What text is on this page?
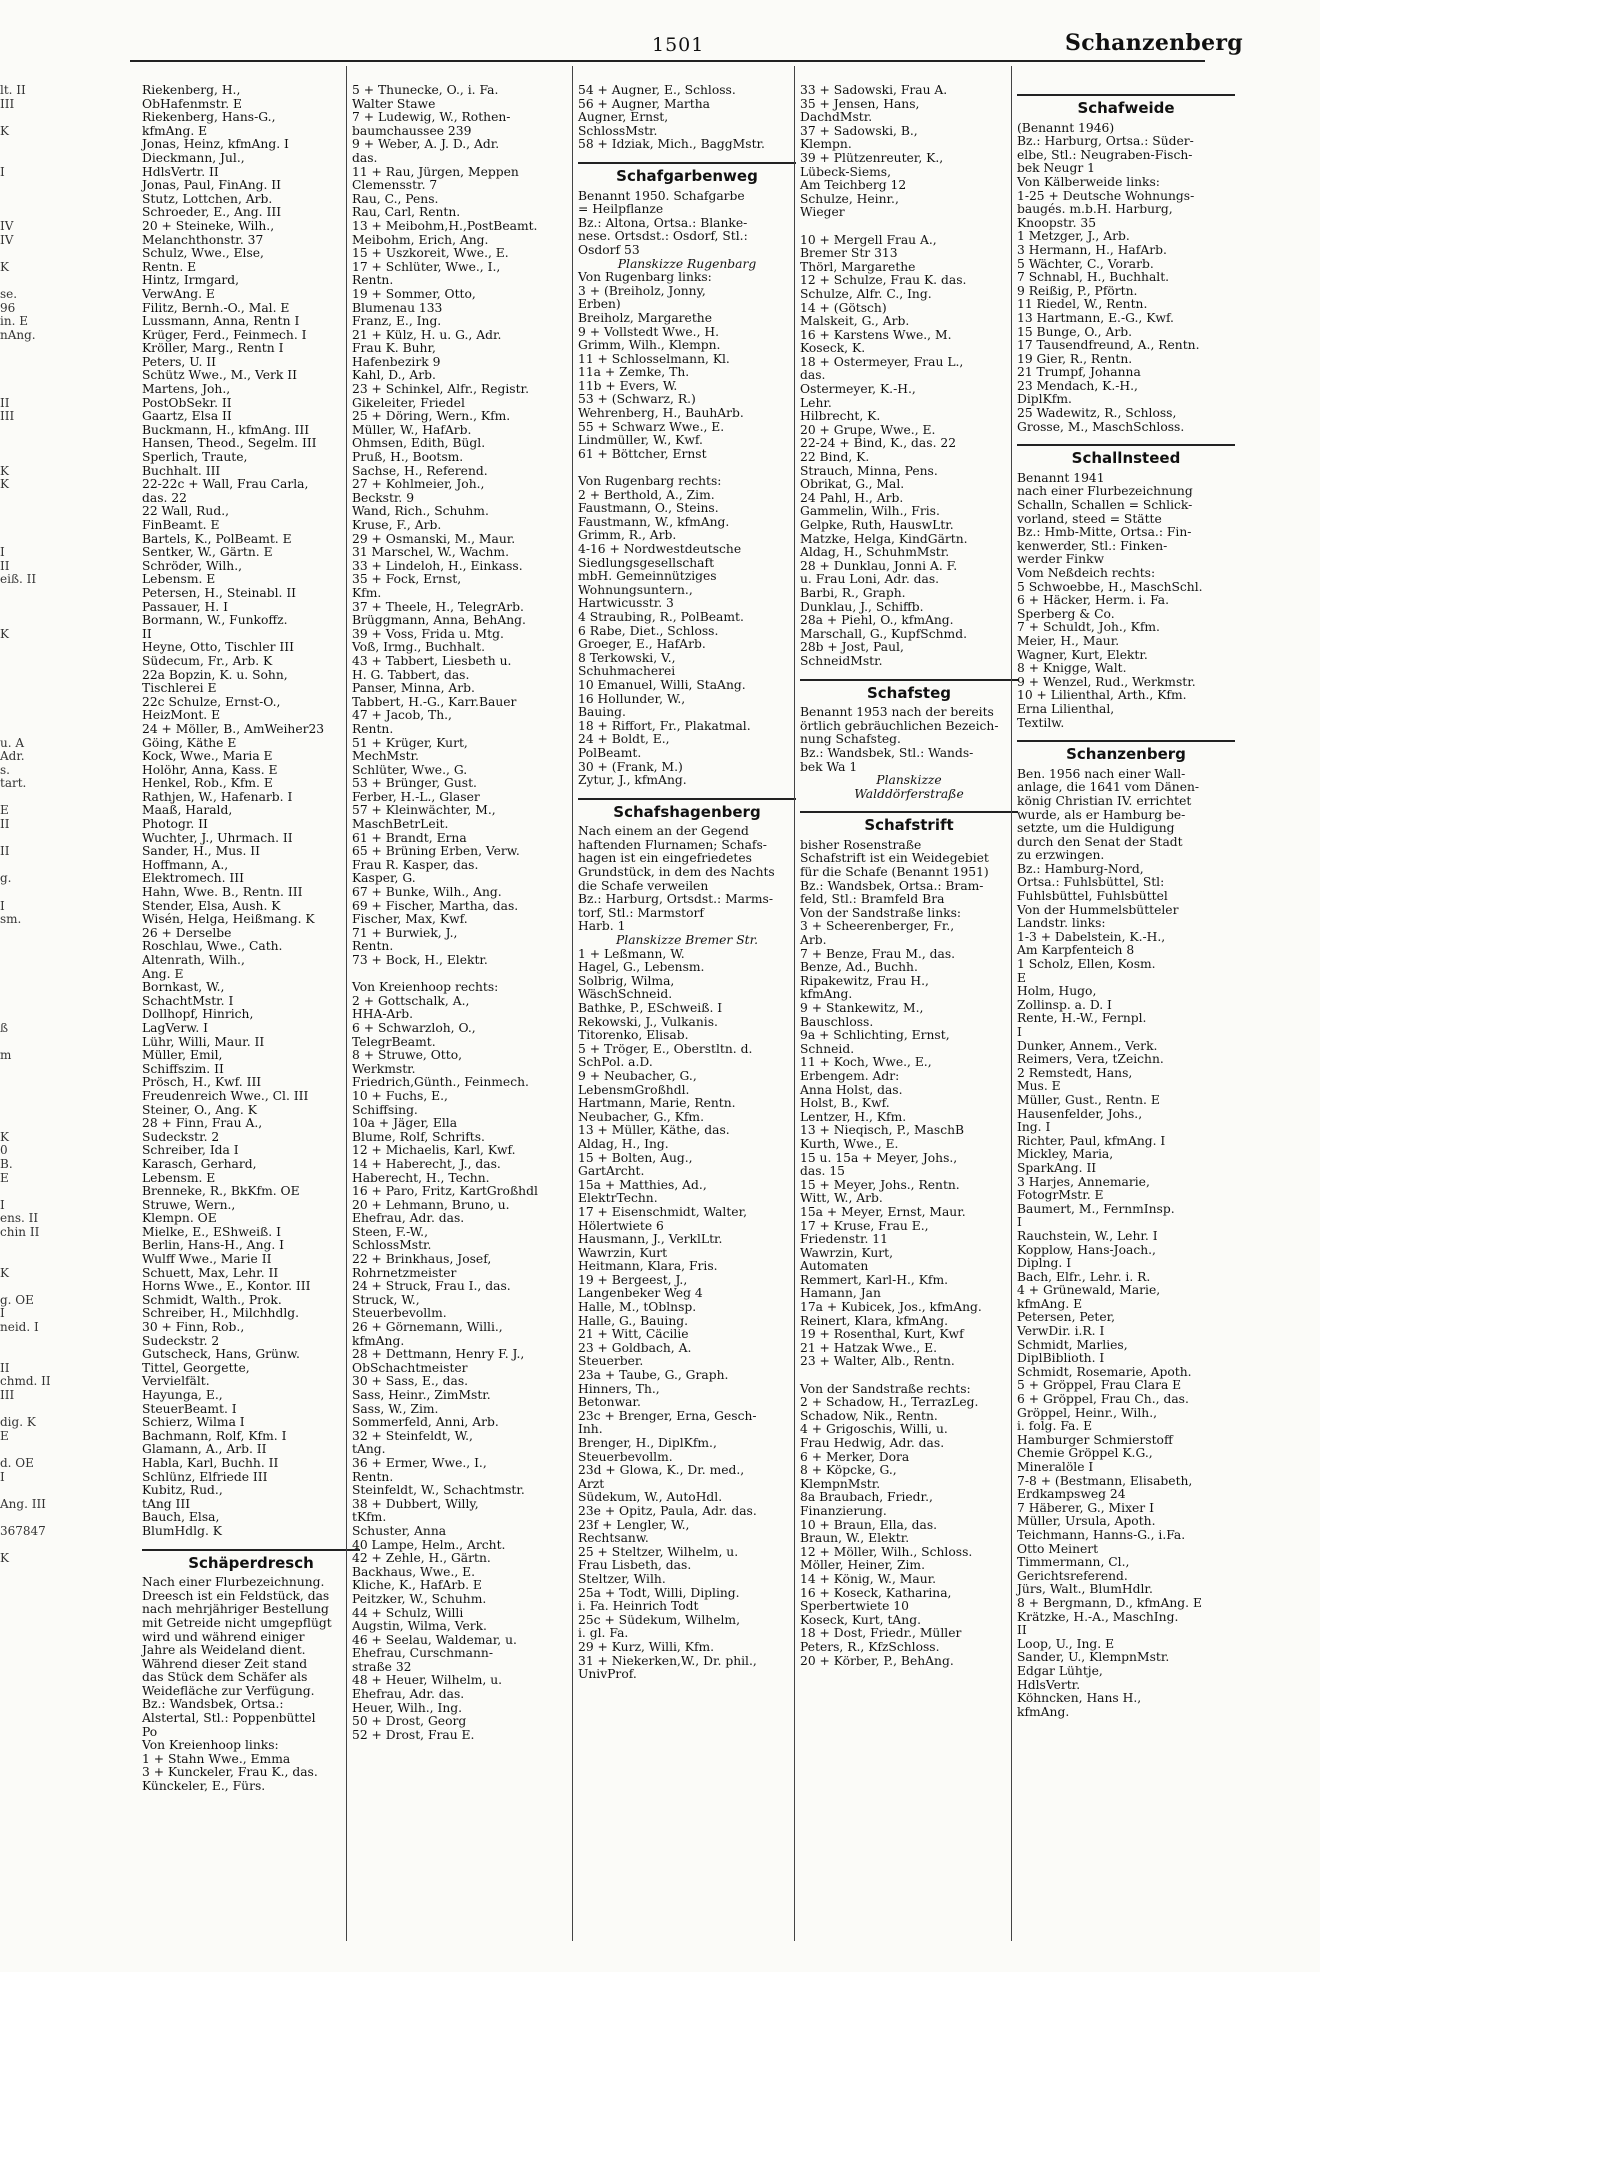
1501	Schanzenberg
lt. II
III

K

I

IV
IV

K

se.
96
in. E
nAng.

II
III

K
K

I
II
eiß. II

K

u. A
Adr.
s.
tart.

E
II

II

g.

I
sm.

ß

m

K
0
B.
E

I
ens. II
chin II

K

g. OE
I
neid. I

II
chmd. II
III

dig. K
E

d. OE
I

Ang. III

367847

K
Riekenberg, H.,
ObHafenmstr. E
Riekenberg, Hans-G.,
kfmAng. E
Jonas, Heinz, kfmAng. I
Dieckmann, Jul.,
HdlsVertr. II
Jonas, Paul, FinAng. II
Stutz, Lottchen, Arb.
Schroeder, E., Ang. III
20 + Steineke, Wilh.,
Melanchthonstr. 37
Schulz, Wwe., Else,
Rentn. E
Hintz, Irmgard,
VerwAng. E
Filitz, Bernh.-O., Mal. E
Lussmann, Anna, Rentn I
Krüger, Ferd., Feinmech. I
Kröller, Marg., Rentn I
Peters, U. II
Schütz Wwe., M., Verk II
Martens, Joh.,
PostObSekr. II
Gaartz, Elsa II
Buckmann, H., kfmAng. III
Hansen, Theod., Segelm. III
Sperlich, Traute,
Buchhalt. III
22-22c + Wall, Frau Carla,
das. 22
22 Wall, Rud.,
FinBeamt. E
Bartels, K., PolBeamt. E
Sentker, W., Gärtn. E
Schröder, Wilh.,
Lebensm. E
Petersen, H., Steinabl. II
Passauer, H. I
Bormann, W., Funkoffz.
II
Heyne, Otto, Tischler III
Südecum, Fr., Arb. K
22a Bopzin, K. u. Sohn,
Tischlerei E
22c Schulze, Ernst-O.,
HeizMont. E
24 + Möller, B., AmWeiher23
Göing, Käthe E
Kock, Wwe., Maria E
Holöhr, Anna, Kass. E
Henkel, Rob., Kfm. E
Rathjen, W., Hafenarb. I
Maaß, Harald,
Photogr. II
Wuchter, J., Uhrmach. II
Sander, H., Mus. II
Hoffmann, A.,
Elektromech. III
Hahn, Wwe. B., Rentn. III
Stender, Elsa, Aush. K
Wisén, Helga, Heißmang. K
26 + Derselbe
Roschlau, Wwe., Cath.
Altenrath, Wilh.,
Ang. E
Bornkast, W.,
SchachtMstr. I
Dollhopf, Hinrich,
LagVerw. I
Lühr, Willi, Maur. II
Müller, Emil,
Schiffszim. II
Prösch, H., Kwf. III
Freudenreich Wwe., Cl. III
Steiner, O., Ang. K
28 + Finn, Frau A.,
Sudeckstr. 2
Schreiber, Ida I
Karasch, Gerhard,
Lebensm. E
Brenneke, R., BkKfm. OE
Struwe, Wern.,
Klempn. OE
Mielke, E., EShweiß. I
Berlin, Hans-H., Ang. I
Wulff Wwe., Marie II
Schuett, Max, Lehr. II
Horns Wwe., E., Kontor. III
Schmidt, Walth., Prok.
Schreiber, H., Milchhdlg.
30 + Finn, Rob.,
Sudeckstr. 2
Gutscheck, Hans, Grünw.
Tittel, Georgette,
Vervielfält.
Hayunga, E.,
SteuerBeamt. I
Schierz, Wilma I
Bachmann, Rolf, Kfm. I
Glamann, A., Arb. II
Habla, Karl, Buchh. II
Schlünz, Elfriede III
Kubitz, Rud.,
tAng III
Bauch, Elsa,
BlumHdlg. K
Schäperdresch
Nach einer Flurbezeichnung.
Dreesch ist ein Feldstück, das
nach mehrjähriger Bestellung
mit Getreide nicht umgepflügt
wird und während einiger
Jahre als Weideland dient.
Während dieser Zeit stand
das Stück dem Schäfer als
Weidefläche zur Verfügung.
Bz.: Wandsbek, Ortsa.:
Alstertal, Stl.: Poppenbüttel
Po
Von Kreienhoop links:
1 + Stahn Wwe., Emma
3 + Kunckeler, Frau K., das.
Künckeler, E., Fürs.
5 + Thunecke, O., i. Fa.
Walter Stawe
7 + Ludewig, W., Rothen-
baumchaussee 239
9 + Weber, A. J. D., Adr.
das.
11 + Rau, Jürgen, Meppen
Clemensstr. 7
Rau, C., Pens.
Rau, Carl, Rentn.
13 + Meibohm,H.,PostBeamt.
Meibohm, Erich, Ang.
15 + Uszkoreit, Wwe., E.
17 + Schlüter, Wwe., I.,
Rentn.
19 + Sommer, Otto,
Blumenau 133
Franz, E., Ing.
21 + Külz, H. u. G., Adr.
Frau K. Buhr,
Hafenbezirk 9
Kahl, D., Arb.
23 + Schinkel, Alfr., Registr.
Gikeleiter, Friedel
25 + Döring, Wern., Kfm.
Müller, W., HafArb.
Ohmsen, Edith, Bügl.
Pruß, H., Bootsm.
Sachse, H., Referend.
27 + Kohlmeier, Joh.,
Beckstr. 9
Wand, Rich., Schuhm.
Kruse, F., Arb.
29 + Osmanski, M., Maur.
31 Marschel, W., Wachm.
33 + Lindeloh, H., Einkass.
35 + Fock, Ernst,
Kfm.
37 + Theele, H., TelegrArb.
Brüggmann, Anna, BehAng.
39 + Voss, Frida u. Mtg.
Voß, Irmg., Buchhalt.
43 + Tabbert, Liesbeth u.
H. G. Tabbert, das.
Panser, Minna, Arb.
Tabbert, H.-G., Karr.Bauer
47 + Jacob, Th.,
Rentn.
51 + Krüger, Kurt,
MechMstr.
Schlüter, Wwe., G.
53 + Brünger, Gust.
Ferber, H.-L., Glaser
57 + Kleinwächter, M.,
MaschBetrLeit.
61 + Brandt, Erna
65 + Brüning Erben, Verw.
Frau R. Kasper, das.
Kasper, G.
67 + Bunke, Wilh., Ang.
69 + Fischer, Martha, das.
Fischer, Max, Kwf.
71 + Burwiek, J.,
Rentn.
73 + Bock, H., Elektr.

Von Kreienhoop rechts:
2 + Gottschalk, A.,
HHA-Arb.
6 + Schwarzloh, O.,
TelegrBeamt.
8 + Struwe, Otto,
Werkmstr.
Friedrich,Günth., Feinmech.
10 + Fuchs, E.,
Schiffsing.
10a + Jäger, Ella
Blume, Rolf, Schrifts.
12 + Michaelis, Karl, Kwf.
14 + Haberecht, J., das.
Haberecht, H., Techn.
16 + Paro, Fritz, KartGroßhdl
20 + Lehmann, Bruno, u.
Ehefrau, Adr. das.
Steen, F.-W.,
SchlossMstr.
22 + Brinkhaus, Josef,
Rohrnetzmeister
24 + Struck, Frau I., das.
Struck, W.,
Steuerbevollm.
26 + Görnemann, Willi.,
kfmAng.
28 + Dettmann, Henry F. J.,
ObSchachtmeister
30 + Sass, E., das.
Sass, Heinr., ZimMstr.
Sass, W., Zim.
Sommerfeld, Anni, Arb.
32 + Steinfeldt, W.,
tAng.
36 + Ermer, Wwe., I.,
Rentn.
Steinfeldt, W., Schachtmstr.
38 + Dubbert, Willy,
tKfm.
Schuster, Anna
40 Lampe, Helm., Archt.
42 + Zehle, H., Gärtn.
Backhaus, Wwe., E.
Kliche, K., HafArb. E
Peitzker, W., Schuhm.
44 + Schulz, Willi
Augstin, Wilma, Verk.
46 + Seelau, Waldemar, u.
Ehefrau, Curschmann-
straße 32
48 + Heuer, Wilhelm, u.
Ehefrau, Adr. das.
Heuer, Wilh., Ing.
50 + Drost, Georg
52 + Drost, Frau E.
54 + Augner, E., Schloss.
56 + Augner, Martha
Augner, Ernst,
SchlossMstr.
58 + Idziak, Mich., BaggMstr.
Schafgarbenweg
Benannt 1950. Schafgarbe
= Heilpflanze
Bz.: Altona, Ortsa.: Blanke-
nese. Ortsdst.: Osdorf, Stl.:
Osdorf 53
Planskizze Rugenbarg
Von Rugenbarg links:
3 + (Breiholz, Jonny,
Erben)
Breiholz, Margarethe
9 + Vollstedt Wwe., H.
Grimm, Wilh., Klempn.
11 + Schlosselmann, Kl.
11a + Zemke, Th.
11b + Evers, W.
53 + (Schwarz, R.)
Wehrenberg, H., BauhArb.
55 + Schwarz Wwe., E.
Lindmüller, W., Kwf.
61 + Böttcher, Ernst

Von Rugenbarg rechts:
2 + Berthold, A., Zim.
Faustmann, O., Steins.
Faustmann, W., kfmAng.
Grimm, R., Arb.
4-16 + Nordwestdeutsche
Siedlungsgesellschaft
mbH. Gemeinnütziges
Wohnungsuntern.,
Hartwicusstr. 3
4 Straubing, R., PolBeamt.
6 Rabe, Diet., Schloss.
Groeger, E., HafArb.
8 Terkowski, V.,
Schuhmacherei
10 Emanuel, Willi, StaAng.
16 Hollunder, W.,
Bauing.
18 + Riffort, Fr., Plakatmal.
24 + Boldt, E.,
PolBeamt.
30 + (Frank, M.)
Zytur, J., kfmAng.
Schafshagenberg
Nach einem an der Gegend
haftenden Flurnamen; Schafs-
hagen ist ein eingefriedetes
Grundstück, in dem des Nachts
die Schafe verweilen
Bz.: Harburg, Ortsdst.: Marms-
torf, Stl.: Marmstorf
Harb. 1
Planskizze Bremer Str.
1 + Leßmann, W.
Hagel, G., Lebensm.
Solbrig, Wilma,
WäschSchneid.
Bathke, P., ESchweiß. I
Rekowski, J., Vulkanis.
Titorenko, Elisab.
5 + Tröger, E., Oberstltn. d.
SchPol. a.D.
9 + Neubacher, G.,
LebensmGroßhdl.
Hartmann, Marie, Rentn.
Neubacher, G., Kfm.
13 + Müller, Käthe, das.
Aldag, H., Ing.
15 + Bolten, Aug.,
GartArcht.
15a + Matthies, Ad.,
ElektrTechn.
17 + Eisenschmidt, Walter,
Hölertwiete 6
Hausmann, J., VerklLtr.
Wawrzin, Kurt
Heitmann, Klara, Fris.
19 + Bergeest, J.,
Langenbeker Weg 4
Halle, M., tOblnsp.
Halle, G., Bauing.
21 + Witt, Cäcilie
23 + Goldbach, A.
Steuerber.
23a + Taube, G., Graph.
Hinners, Th.,
Betonwar.
23c + Brenger, Erna, Gesch-
Inh.
Brenger, H., DiplKfm.,
Steuerbevollm.
23d + Glowa, K., Dr. med.,
Arzt
Südekum, W., AutoHdl.
23e + Opitz, Paula, Adr. das.
23f + Lengler, W.,
Rechtsanw.
25 + Steltzer, Wilhelm, u.
Frau Lisbeth, das.
Steltzer, Wilh.
25a + Todt, Willi, Dipling.
i. Fa. Heinrich Todt
25c + Südekum, Wilhelm,
i. gl. Fa.
29 + Kurz, Willi, Kfm.
31 + Niekerken,W., Dr. phil.,
UnivProf.
33 + Sadowski, Frau A.
35 + Jensen, Hans,
DachdMstr.
37 + Sadowski, B.,
Klempn.
39 + Plützenreuter, K.,
Lübeck-Siems,
Am Teichberg 12
Schulze, Heinr.,
Wieger

10 + Mergell Frau A.,
Bremer Str 313
Thörl, Margarethe
12 + Schulze, Frau K. das.
Schulze, Alfr. C., Ing.
14 + (Götsch)
Malskeit, G., Arb.
16 + Karstens Wwe., M.
Koseck, K.
18 + Ostermeyer, Frau L.,
das.
Ostermeyer, K.-H.,
Lehr.
Hilbrecht, K.
20 + Grupe, Wwe., E.
22-24 + Bind, K., das. 22
22 Bind, K.
Strauch, Minna, Pens.
Obrikat, G., Mal.
24 Pahl, H., Arb.
Gammelin, Wilh., Fris.
Gelpke, Ruth, HauswLtr.
Matzke, Helga, KindGärtn.
Aldag, H., SchuhmMstr.
28 + Dunklau, Jonni A. F.
u. Frau Loni, Adr. das.
Barbi, R., Graph.
Dunklau, J., Schiffb.
28a + Piehl, O., kfmAng.
Marschall, G., KupfSchmd.
28b + Jost, Paul,
SchneidMstr.
Schafsteg
Benannt 1953 nach der bereits
örtlich gebräuchlichen Bezeich-
nung Schafsteg.
Bz.: Wandsbek, Stl.: Wands-
bek Wa 1
Planskizze
Walddörferstraße
Schafstrift
bisher Rosenstraße
Schafstrift ist ein Weidegebiet
für die Schafe (Benannt 1951)
Bz.: Wandsbek, Ortsa.: Bram-
feld, Stl.: Bramfeld Bra
Von der Sandstraße links:
3 + Scheerenberger, Fr.,
Arb.
7 + Benze, Frau M., das.
Benze, Ad., Buchh.
Ripakewitz, Frau H.,
kfmAng.
9 + Stankewitz, M.,
Bauschloss.
9a + Schlichting, Ernst,
Schneid.
11 + Koch, Wwe., E.,
Erbengem. Adr:
Anna Holst, das.
Holst, B., Kwf.
Lentzer, H., Kfm.
13 + Nieqisch, P., MaschB
Kurth, Wwe., E.
15 u. 15a + Meyer, Johs.,
das. 15
15 + Meyer, Johs., Rentn.
Witt, W., Arb.
15a + Meyer, Ernst, Maur.
17 + Kruse, Frau E.,
Friedenstr. 11
Wawrzin, Kurt,
Automaten
Remmert, Karl-H., Kfm.
Hamann, Jan
17a + Kubicek, Jos., kfmAng.
Reinert, Klara, kfmAng.
19 + Rosenthal, Kurt, Kwf
21 + Hatzak Wwe., E.
23 + Walter, Alb., Rentn.

Von der Sandstraße rechts:
2 + Schadow, H., TerrazLeg.
Schadow, Nik., Rentn.
4 + Grigoschis, Willi, u.
Frau Hedwig, Adr. das.
6 + Merker, Dora
8 + Köpcke, G.,
KlempnMstr.
8a Braubach, Friedr.,
Finanzierung.
10 + Braun, Ella, das.
Braun, W., Elektr.
12 + Möller, Wilh., Schloss.
Möller, Heiner, Zim.
14 + König, W., Maur.
16 + Koseck, Katharina,
Sperbertwiete 10
Koseck, Kurt, tAng.
18 + Dost, Friedr., Müller
Peters, R., KfzSchloss.
20 + Körber, P., BehAng.
Schafweide
(Benannt 1946)
Bz.: Harburg, Ortsa.: Süder-
elbe, Stl.: Neugraben-Fisch-
bek Neugr 1
Von Kälberweide links:
1-25 + Deutsche Wohnungs-
baugés. m.b.H. Harburg,
Knoopstr. 35
1 Metzger, J., Arb.
3 Hermann, H., HafArb.
5 Wächter, C., Vorarb.
7 Schnabl, H., Buchhalt.
9 Reißig, P., Pförtn.
11 Riedel, W., Rentn.
13 Hartmann, E.-G., Kwf.
15 Bunge, O., Arb.
17 Tausendfreund, A., Rentn.
19 Gier, R., Rentn.
21 Trumpf, Johanna
23 Mendach, K.-H.,
DiplKfm.
25 Wadewitz, R., Schloss,
Grosse, M., MaschSchloss.
Schallnsteed
Benannt 1941
nach einer Flurbezeichnung
Schalln, Schallen = Schlick-
vorland, steed = Stätte
Bz.: Hmb-Mitte, Ortsa.: Fin-
kenwerder, Stl.: Finken-
werder Finkw
Vom Neßdeich rechts:
5 Schwoebbe, H., MaschSchl.
6 + Häcker, Herm. i. Fa.
Sperberg & Co.
7 + Schuldt, Joh., Kfm.
Meier, H., Maur.
Wagner, Kurt, Elektr.
8 + Knigge, Walt.
9 + Wenzel, Rud., Werkmstr.
10 + Lilienthal, Arth., Kfm.
Erna Lilienthal,
Textilw.
Schanzenberg
Ben. 1956 nach einer Wall-
anlage, die 1641 vom Dänen-
könig Christian IV. errichtet
wurde, als er Hamburg be-
setzte, um die Huldigung
durch den Senat der Stadt
zu erzwingen.
Bz.: Hamburg-Nord,
Ortsa.: Fuhlsbüttel, Stl:
Fuhlsbüttel, Fuhlsbüttel
Von der Hummelsbütteler
Landstr. links:
1-3 + Dabelstein, K.-H.,
Am Karpfenteich 8
1 Scholz, Ellen, Kosm.
E
Holm, Hugo,
Zollinsp. a. D. I
Rente, H.-W., Fernpl.
I
Dunker, Annem., Verk.
Reimers, Vera, tZeichn.
2 Remstedt, Hans,
Mus. E
Müller, Gust., Rentn. E
Hausenfelder, Johs.,
Ing. I
Richter, Paul, kfmAng. I
Mickley, Maria,
SparkAng. II
3 Harjes, Annemarie,
FotogrMstr. E
Baumert, M., FernmInsp.
I
Rauchstein, W., Lehr. I
Kopplow, Hans-Joach.,
Diplng. I
Bach, Elfr., Lehr. i. R.
4 + Grünewald, Marie,
kfmAng. E
Petersen, Peter,
VerwDir. i.R. I
Schmidt, Marlies,
DiplBiblioth. I
Schmidt, Rosemarie, Apoth.
5 + Gröppel, Frau Clara E
6 + Gröppel, Frau Ch., das.
Gröppel, Heinr., Wilh.,
i. folg. Fa. E
Hamburger Schmierstoff
Chemie Gröppel K.G.,
Mineralöle I
7-8 + (Bestmann, Elisabeth,
Erdkampsweg 24
7 Häberer, G., Mixer I
Müller, Ursula, Apoth.
Teichmann, Hanns-G., i.Fa.
Otto Meinert
Timmermann, Cl.,
Gerichtsreferend.
Jürs, Walt., BlumHdlr.
8 + Bergmann, D., kfmAng. E
Krätzke, H.-A., MaschIng.
II
Loop, U., Ing. E
Sander, U., KlempnMstr.
Edgar Lühtje,
HdlsVertr.
Köhncken, Hans H.,
kfmAng.
